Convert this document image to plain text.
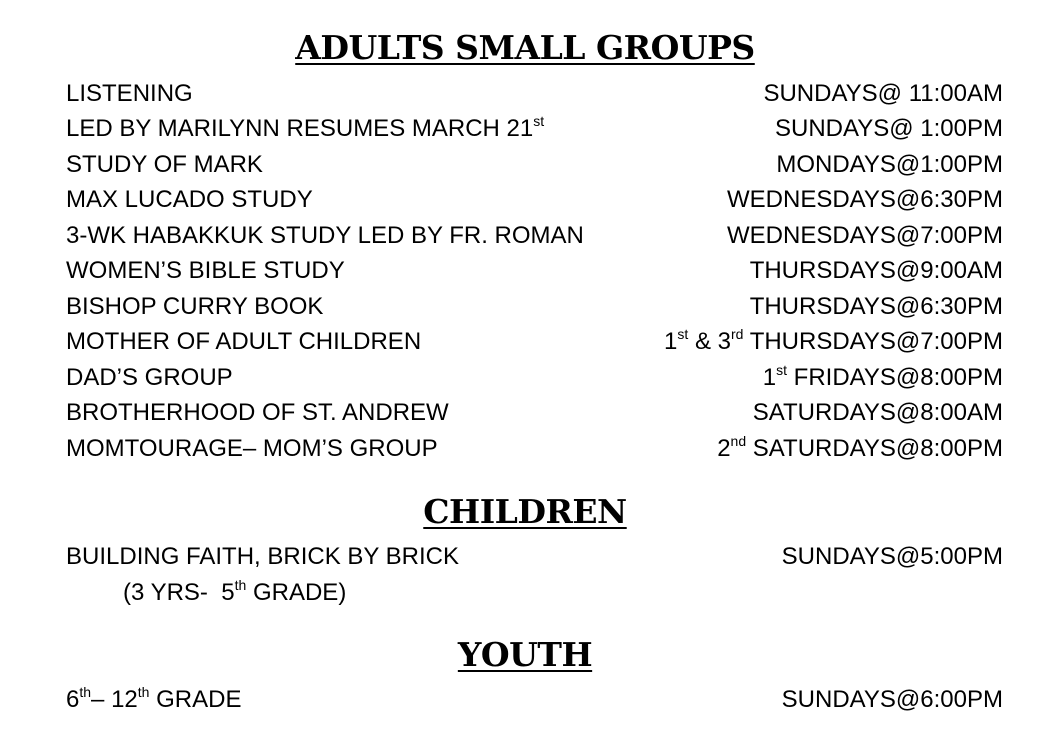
ADULTS SMALL GROUPS
LISTENING	SUNDAYS@ 11:00AM
LED BY MARILYNN RESUMES MARCH 21st	SUNDAYS@ 1:00PM
STUDY OF MARK	MONDAYS@1:00PM
MAX LUCADO STUDY	WEDNESDAYS@6:30PM
3-WK HABAKKUK STUDY LED BY FR. ROMAN	WEDNESDAYS@7:00PM
WOMEN’S BIBLE STUDY	THURSDAYS@9:00AM
BISHOP CURRY BOOK	THURSDAYS@6:30PM
MOTHER OF ADULT CHILDREN	1st & 3rd THURSDAYS@7:00PM
DAD’S GROUP	1st FRIDAYS@8:00PM
BROTHERHOOD OF ST. ANDREW	SATURDAYS@8:00AM
MOMTOURAGE– MOM’S GROUP	2nd SATURDAYS@8:00PM
CHILDREN
BUILDING FAITH, BRICK BY BRICK	SUNDAYS@5:00PM
(3 YRS-  5th GRADE)
YOUTH
6th– 12th GRADE	SUNDAYS@6:00PM
